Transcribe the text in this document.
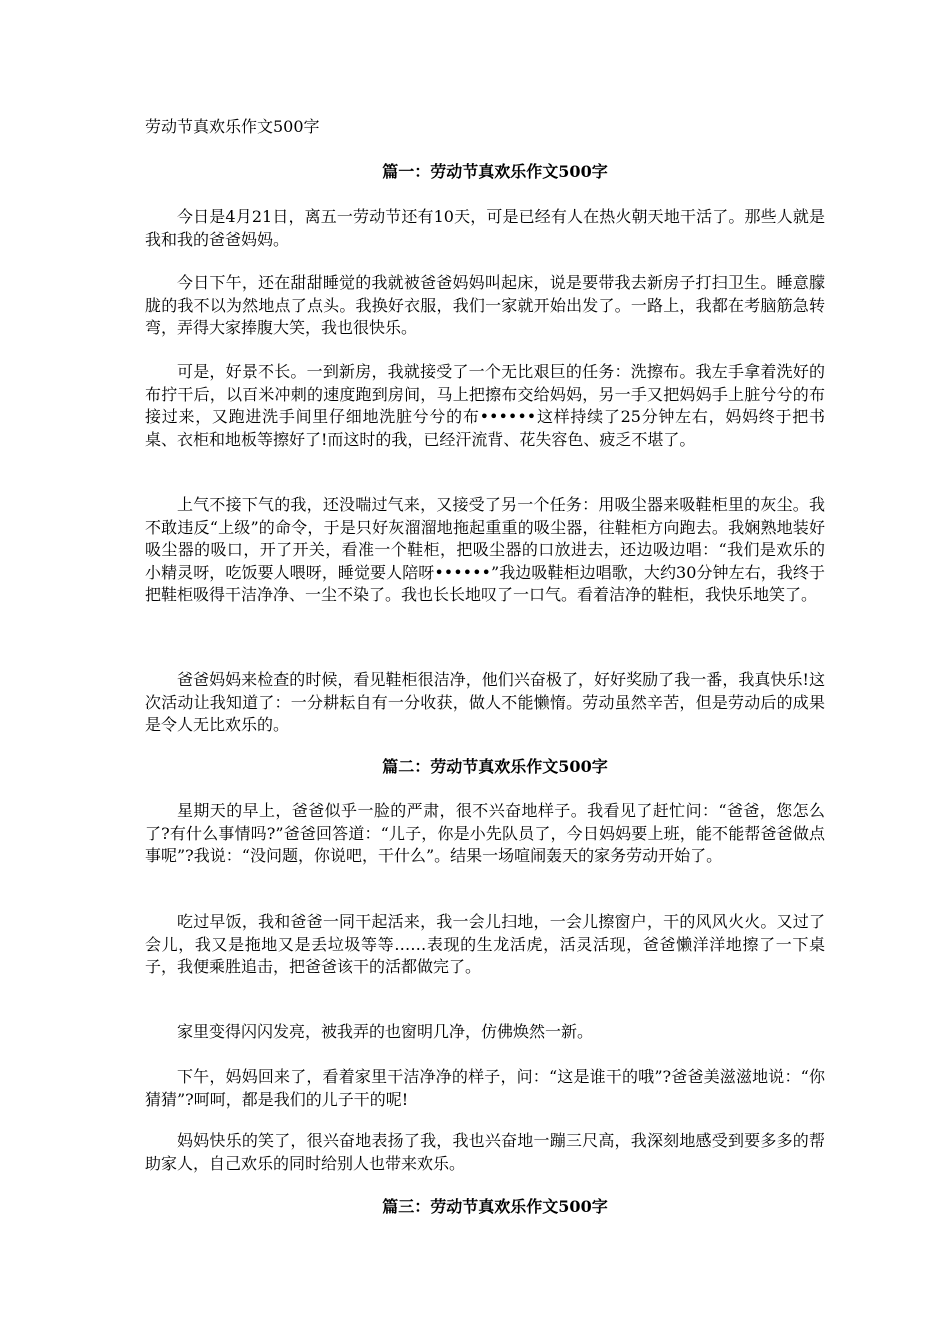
劳动节真欢乐作文500字
篇一：劳动节真欢乐作文500字
今日是4月21日，离五一劳动节还有10天，可是已经有人在热火朝天地干活了。那些人就是我和我的爸爸妈妈。
今日下午，还在甜甜睡觉的我就被爸爸妈妈叫起床，说是要带我去新房子打扫卫生。睡意朦胧的我不以为然地点了点头。我换好衣服，我们一家就开始出发了。一路上，我都在考脑筋急转弯，弄得大家捧腹大笑，我也很快乐。
可是，好景不长。一到新房，我就接受了一个无比艰巨的任务：洗擦布。我左手拿着洗好的布拧干后，以百米冲刺的速度跑到房间，马上把擦布交给妈妈，另一手又把妈妈手上脏兮兮的布接过来，又跑进洗手间里仔细地洗脏兮兮的布••••••这样持续了25分钟左右，妈妈终于把书桌、衣柜和地板等擦好了!而这时的我，已经汗流背、花失容色、疲乏不堪了。
上气不接下气的我，还没喘过气来，又接受了另一个任务：用吸尘器来吸鞋柜里的灰尘。我不敢违反“上级”的命令，于是只好灰溜溜地拖起重重的吸尘器，往鞋柜方向跑去。我娴熟地装好吸尘器的吸口，开了开关，看准一个鞋柜，把吸尘器的口放进去，还边吸边唱：“我们是欢乐的小精灵呀，吃饭要人喂呀，睡觉要人陪呀••••••”我边吸鞋柜边唱歌，大约30分钟左右，我终于把鞋柜吸得干洁净净、一尘不染了。我也长长地叹了一口气。看着洁净的鞋柜，我快乐地笑了。
爸爸妈妈来检查的时候，看见鞋柜很洁净，他们兴奋极了，好好奖励了我一番，我真快乐!这次活动让我知道了：一分耕耘自有一分收获，做人不能懒惰。劳动虽然辛苦，但是劳动后的成果是令人无比欢乐的。
篇二：劳动节真欢乐作文500字
星期天的早上，爸爸似乎一脸的严肃，很不兴奋地样子。我看见了赶忙问：“爸爸，您怎么了?有什么事情吗?”爸爸回答道：“儿子，你是小先队员了，今日妈妈要上班，能不能帮爸爸做点事呢”?我说：“没问题，你说吧，干什么”。结果一场喧闹轰天的家务劳动开始了。
吃过早饭，我和爸爸一同干起活来，我一会儿扫地，一会儿擦窗户，干的风风火火。又过了会儿，我又是拖地又是丢垃圾等等……表现的生龙活虎，活灵活现，爸爸懒洋洋地擦了一下桌子，我便乘胜追击，把爸爸该干的活都做完了。
家里变得闪闪发亮，被我弄的也窗明几净，仿佛焕然一新。
下午，妈妈回来了，看着家里干洁净净的样子，问：“这是谁干的哦”?爸爸美滋滋地说：“你猜猜”?呵呵，都是我们的儿子干的呢!
妈妈快乐的笑了，很兴奋地表扬了我，我也兴奋地一蹦三尺高，我深刻地感受到要多多的帮助家人，自己欢乐的同时给别人也带来欢乐。
篇三：劳动节真欢乐作文500字
